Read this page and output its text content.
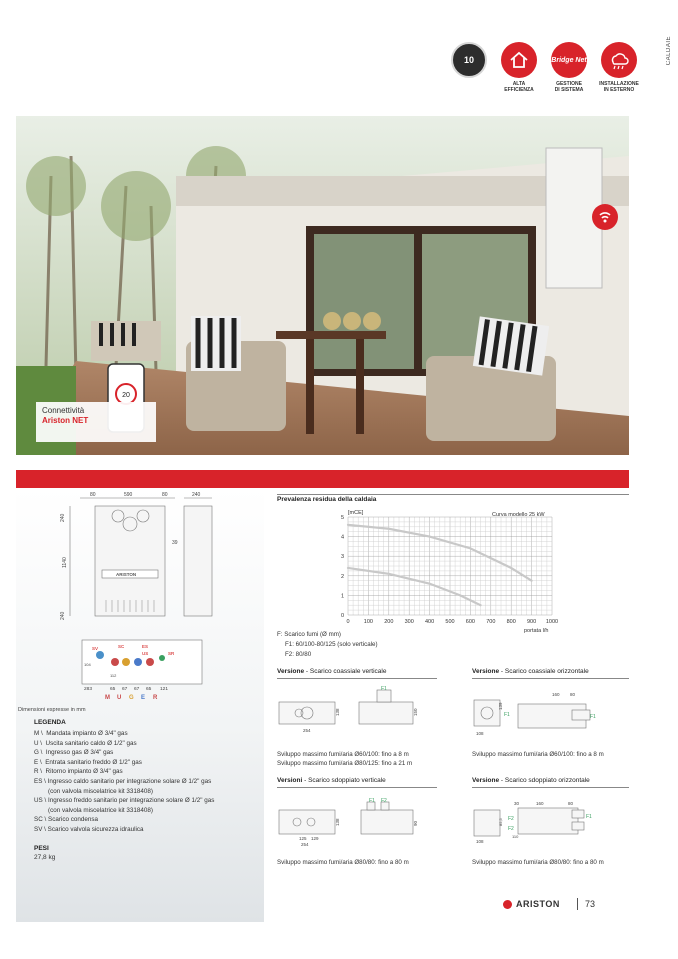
CALDAIE
10
ALTA
EFFICIENZA
Bridge Net
GESTIONE
DI SISTEMA
INSTALLAZIONE
IN ESTERNO
20
Connettività
Ariston NET
80	590	80	240
240
1140
240
39
ARISTON
SV	SC	ES
US	SR
104
112
283	65 67 67 65 121
M U G E R
Dimensioni espresse in mm
LEGENDA
M \  Mandata impianto Ø 3/4" gas
U \  Uscita sanitario caldo Ø 1/2" gas
G \  Ingresso gas Ø 3/4" gas
E \  Entrata sanitario freddo Ø 1/2" gas
R \  Ritorno impianto Ø 3/4" gas
ES \ Ingresso caldo sanitario per integrazione solare Ø 1/2" gas
(con valvola miscelatrice kit 3318408)
US \ Ingresso freddo sanitario per integrazione solare Ø 1/2" gas
(con valvola miscelatrice kit 3318408)
SC \ Scarico condensa
SV \ Scarico valvola sicurezza idraulica
PESI
27,8 kg
Prevalenza residua della caldaia
0	100 200 300 400 500 600 700 800 900 1000
0
1
2
3
4
5
[mCE]	Curva modello 25 kW
portata l/h
F: Scarico fumi (Ø mm)
F1: 60/100-80/125 (solo verticale)
F2: 80/80
Versione - Scarico coassiale verticale
F1
138	150
254
Sviluppo massimo fumi/aria Ø60/100: fino a 8 m
Sviluppo massimo fumi/aria Ø80/125: fino a 21 m
Versione - Scarico coassiale orizzontale
160 80
F1	F1
139
108
Sviluppo massimo fumi/aria Ø60/100: fino a 8 m
Versioni - Scarico sdoppiato verticale
F1 F2
138	90
125 129
254
Sviluppo massimo fumi/aria Ø80/80: fino a 80 m
Versione - Scarico sdoppiato orizzontale
30	160	80
F2	F1
F2
85,5
110
108
Sviluppo massimo fumi/aria Ø80/80: fino a 80 m
ARISTON	73
